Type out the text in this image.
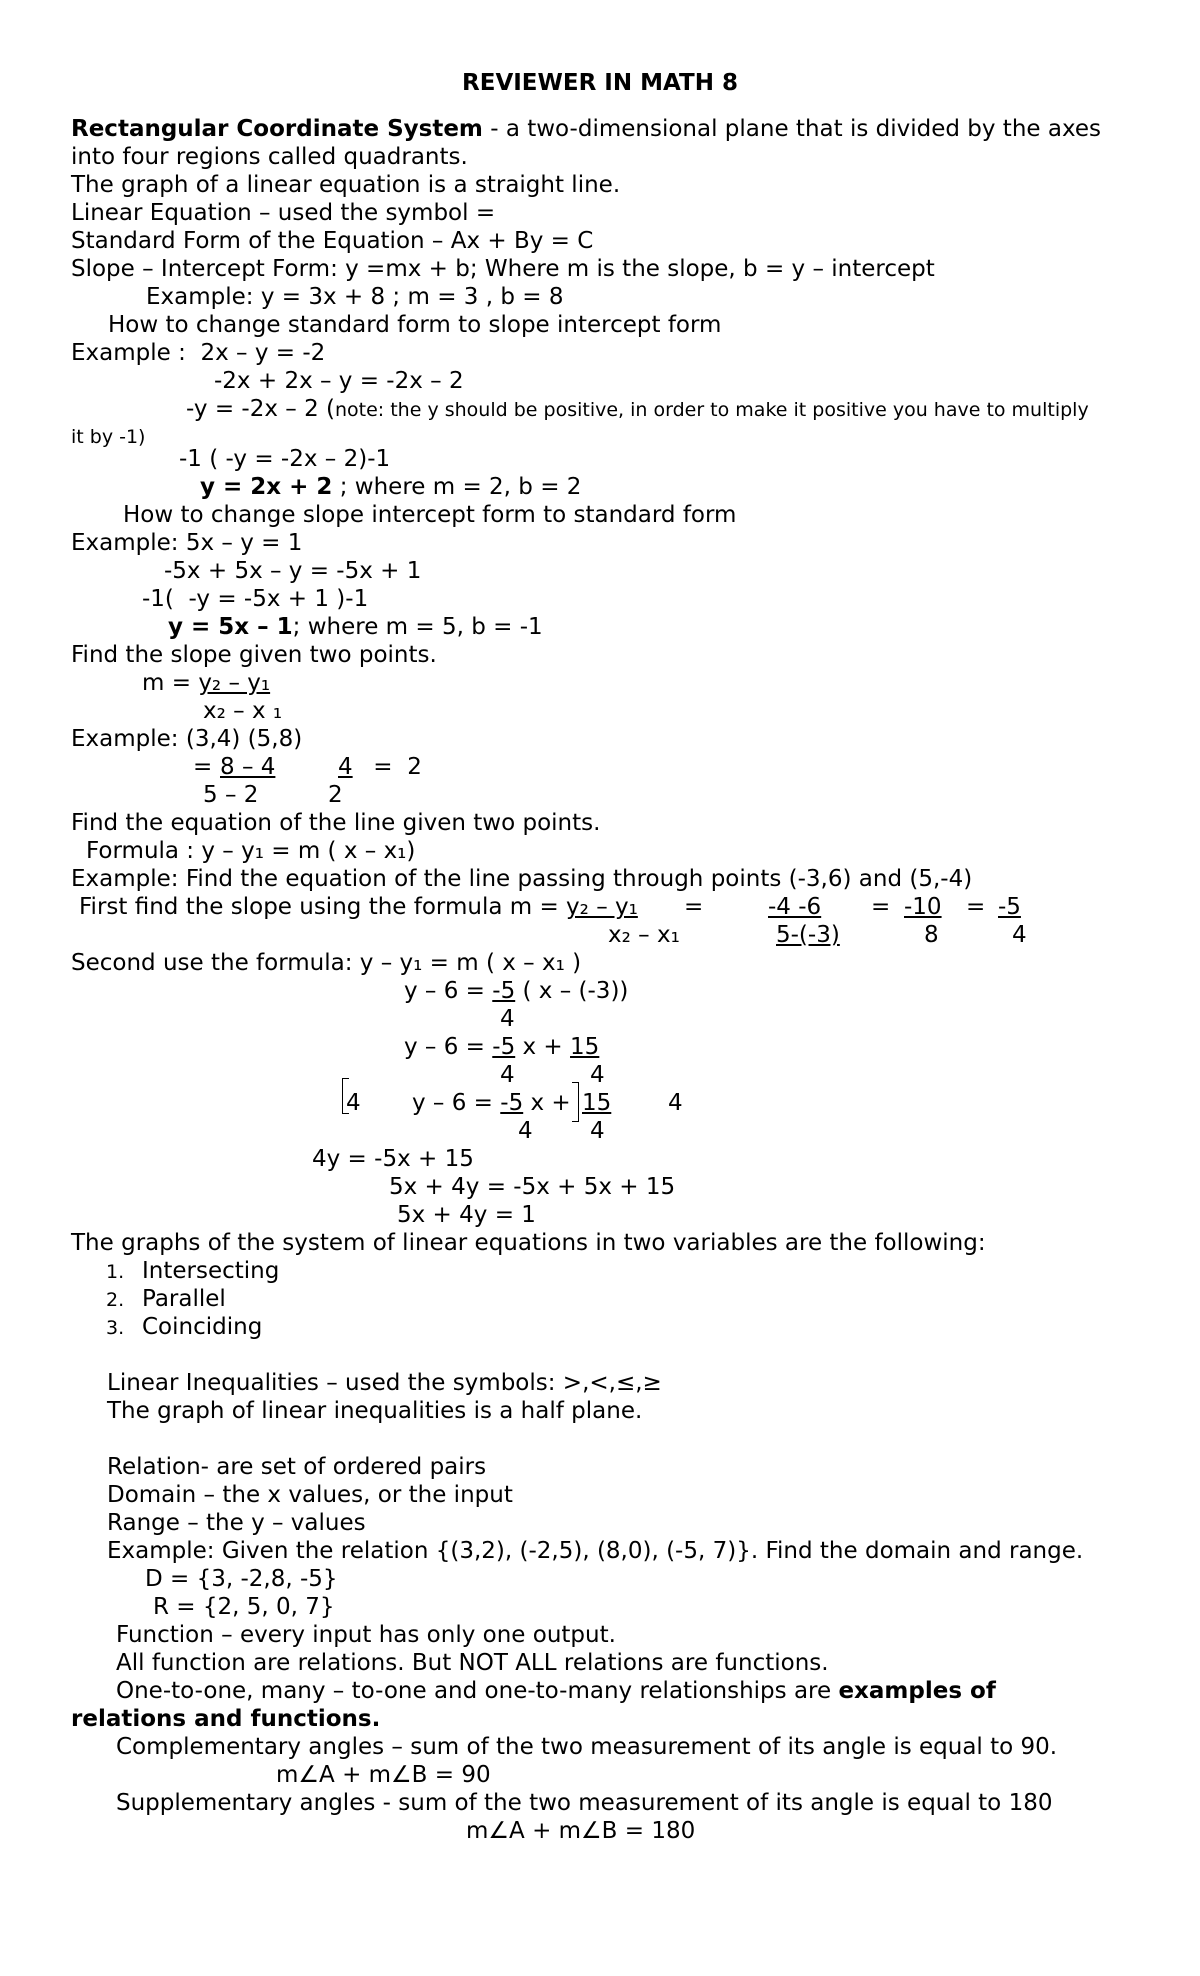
REVIEWER IN MATH 8
Rectangular Coordinate System - a two-dimensional plane that is divided by the axes
into four regions called quadrants.
The graph of a linear equation is a straight line.
Linear Equation – used the symbol =
Standard Form of the Equation – Ax + By = C
Slope – Intercept Form: y =mx + b; Where m is the slope, b = y – intercept
Example: y = 3x + 8 ; m = 3 , b = 8
How to change standard form to slope intercept form
Example :  2x – y = -2
-2x + 2x – y = -2x – 2
-y = -2x – 2 (note: the y should be positive, in order to make it positive you have to multiply
it by -1)
-1 ( -y = -2x – 2)-1
y = 2x + 2 ; where m = 2, b = 2
How to change slope intercept form to standard form
Example: 5x – y = 1
-5x + 5x – y = -5x + 1
-1(  -y = -5x + 1 )-1
y = 5x – 1; where m = 5, b = -1
Find the slope given two points.
m = y₂ – y₁
x₂ – x ₁
Example: (3,4) (5,8)
= 8 – 4	4 =  2
5 – 2	2
Find the equation of the line given two points.
Formula : y – y₁ = m ( x – x₁)
Example: Find the equation of the line passing through points (-3,6) and (5,-4)
First find the slope using the formula m = y₂ – y₁ =	-4 -6 = -10 = -5
x₂ – x₁	5-(-3)	8	4
Second use the formula: y – y₁ = m ( x – x₁ )
y – 6 = -5 ( x – (-3))
4
y – 6 = -5 x + 15
4	4
4 y – 6 = -5 x + 15 4
4 4
4y = -5x + 15
5x + 4y = -5x + 5x + 15
5x + 4y = 1
The graphs of the system of linear equations in two variables are the following:
1. Intersecting
2. Parallel
3. Coinciding
Linear Inequalities – used the symbols: >,<,≤,≥
The graph of linear inequalities is a half plane.
Relation- are set of ordered pairs
Domain – the x values, or the input
Range – the y – values
Example: Given the relation {(3,2), (-2,5), (8,0), (-5, 7)}. Find the domain and range.
D = {3, -2,8, -5}
R = {2, 5, 0, 7}
Function – every input has only one output.
All function are relations. But NOT ALL relations are functions.
One-to-one, many – to-one and one-to-many relationships are examples of
relations and functions.
Complementary angles – sum of the two measurement of its angle is equal to 90.
m∠A + m∠B = 90
Supplementary angles - sum of the two measurement of its angle is equal to 180
m∠A + m∠B = 180
